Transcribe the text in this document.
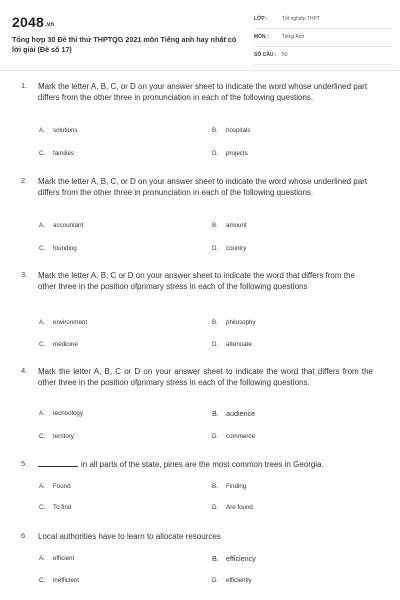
$2048^{.vn}$
Tổng hợp 30 Đề thi thử THPTQG 2021 môn Tiếng anh hay nhất có lời giải (Đề số 17)
LỚP :	Tốt nghiệp THPT
MÔN :	Tiếng Anh
SỐ CÂU :	50
1. Mark the letter A, B, C, or D on your answer sheet to indicate the word whose underlined part differs from the other three in pronunciation in each of the following questions.
A. solutions	B. hospitals
C. families	D. projects
2. Mark the letter A, B, C, or D on your answer sheet to indicate the word whose underlined part differs from the other three in pronunciation in each of the following questions.
A. accountant	B. amount
C. founding	D. country
3. Mark the letter A, B, C or D on your answer sheet to indicate the word that differs from the other three in the position ofprimary stress in each of the following questions
A. environment	B. philosophy
C. medicine	D. attenuate
4. Mark the letter A, B, C or D on your answer sheet to indicate the word that differs from the other three in the position ofprimary stress in each of the following questions.
A. technology	B. audience
C. territory	D. commerce
5.	in all parts of the state, pines are the most common trees in Georgia.
A. Found	B. Finding
C. To find	D. Are found
6. Local authorities have to learn to allocate resources
A. efficient	B. efficiency
C. inefficient	D. efficiently
